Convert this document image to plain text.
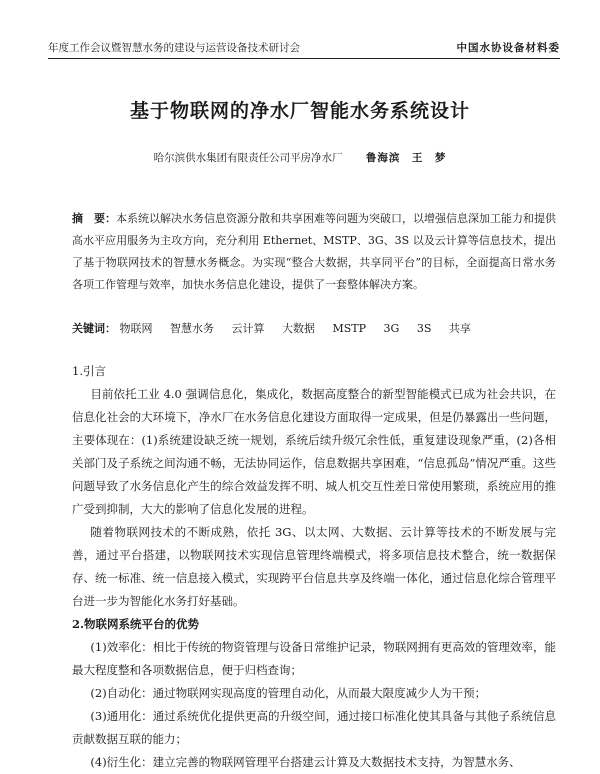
年度工作会议暨智慧水务的建设与运营设备技术研讨会	中国水协设备材料委
基于物联网的净水厂智能水务系统设计
哈尔滨供水集团有限责任公司平房净水厂 鲁海滨　王　梦
摘　要：本系统以解决水务信息资源分散和共享困难等问题为突破口，以增强信息深加工能力和提供高水平应用服务为主攻方向，充分利用 Ethernet、MSTP、3G、3S 以及云计算等信息技术，提出了基于物联网技术的智慧水务概念。为实现“整合大数据，共享同平台”的目标，全面提高日常水务各项工作管理与效率，加快水务信息化建设，提供了一套整体解决方案。
关键词： 物联网 智慧水务 云计算 大数据 MSTP 3G 3S 共享

1.引言

目前依托工业 4.0 强调信息化，集成化，数据高度整合的新型智能模式已成为社会共识，在信息化社会的大环境下，净水厂在水务信息化建设方面取得一定成果，但是仍暴露出一些问题，主要体现在：(1)系统建设缺乏统一规划，系统后续升级冗余性低，重复建设现象严重，(2)各相关部门及子系统之间沟通不畅，无法协同运作，信息数据共享困难，“信息孤岛”情况严重。这些问题导致了水务信息化产生的综合效益发挥不明、城人机交互性差日常使用繁琐，系统应用的推广受到抑制，大大的影响了信息化发展的进程。

随着物联网技术的不断成熟，依托 3G、以太网、大数据、云计算等技术的不断发展与完善，通过平台搭建，以物联网技术实现信息管理终端模式，将多项信息技术整合，统一数据保存、统一标准、统一信息接入模式，实现跨平台信息共享及终端一体化，通过信息化综合管理平台进一步为智能化水务打好基础。

2.物联网系统平台的优势

(1)效率化：相比于传统的物资管理与设备日常维护记录，物联网拥有更高效的管理效率，能最大程度整和各项数据信息，便于归档查询；

(2)自动化：通过物联网实现高度的管理自动化，从而最大限度减少人为干预；

(3)通用化：通过系统优化提供更高的升级空间，通过接口标准化使其具备与其他子系统信息贡献数据互联的能力；

(4)衍生化：建立完善的物联网管理平台搭建云计算及大数据技术支持，为智慧水务、
